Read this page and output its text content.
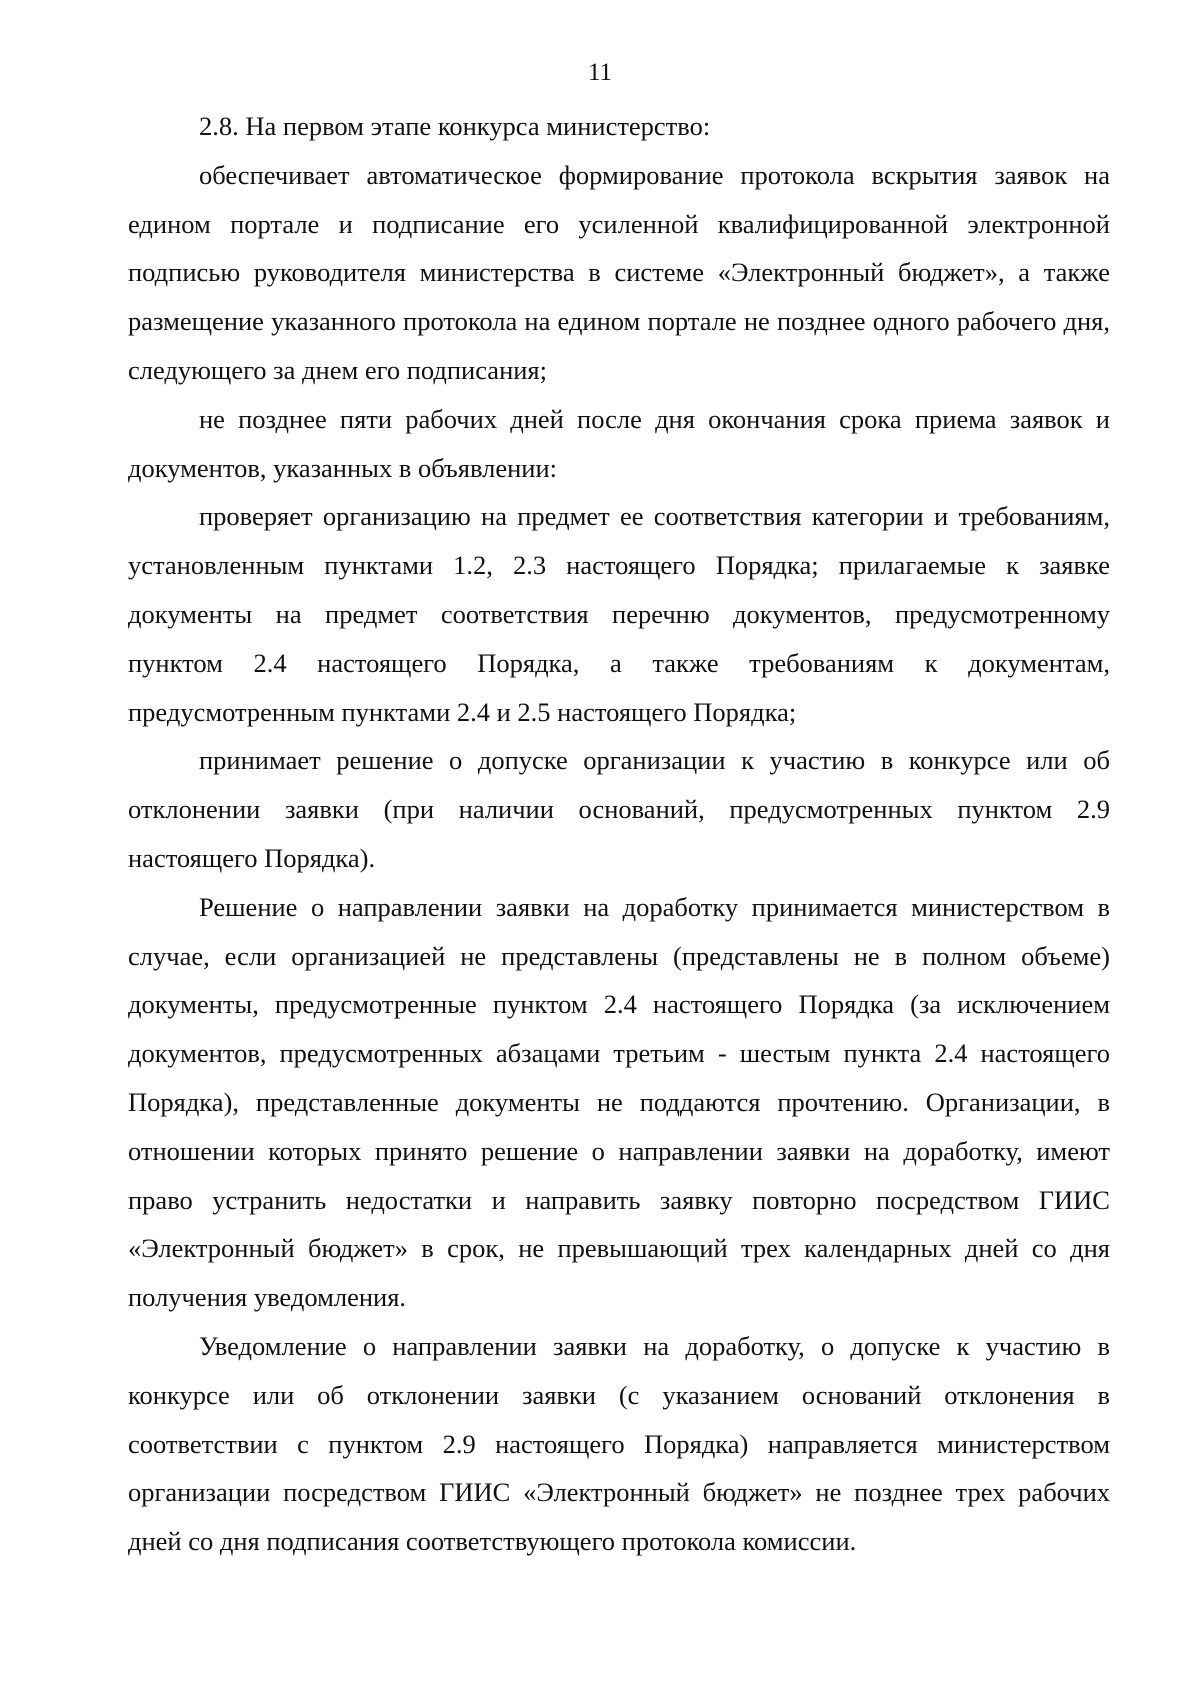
11

2.8. На первом этапе конкурса министерство:

обеспечивает автоматическое формирование протокола вскрытия заявок на едином портале и подписание его усиленной квалифицированной электронной подписью руководителя министерства в системе «Электронный бюджет», а также размещение указанного протокола на едином портале не позднее одного рабочего дня, следующего за днем его подписания;

не позднее пяти рабочих дней после дня окончания срока приема заявок и документов, указанных в объявлении:

проверяет организацию на предмет ее соответствия категории и требованиям, установленным пунктами 1.2, 2.3 настоящего Порядка; прилагаемые к заявке документы на предмет соответствия перечню документов, предусмотренному пунктом 2.4 настоящего Порядка, а также требованиям к документам, предусмотренным пунктами 2.4 и 2.5 настоящего Порядка;

принимает решение о допуске организации к участию в конкурсе или об отклонении заявки (при наличии оснований, предусмотренных пунктом 2.9 настоящего Порядка).

Решение о направлении заявки на доработку принимается министерством в случае, если организацией не представлены (представлены не в полном объеме) документы, предусмотренные пунктом 2.4 настоящего Порядка (за исключением документов, предусмотренных абзацами третьим - шестым пункта 2.4 настоящего Порядка), представленные документы не поддаются прочтению. Организации, в отношении которых принято решение о направлении заявки на доработку, имеют право устранить недостатки и направить заявку повторно посредством ГИИС «Электронный бюджет» в срок, не превышающий трех календарных дней со дня получения уведомления.

Уведомление о направлении заявки на доработку, о допуске к участию в конкурсе или об отклонении заявки (с указанием оснований отклонения в соответствии с пунктом 2.9 настоящего Порядка) направляется министерством организации посредством ГИИС «Электронный бюджет» не позднее трех рабочих дней со дня подписания соответствующего протокола комиссии.
